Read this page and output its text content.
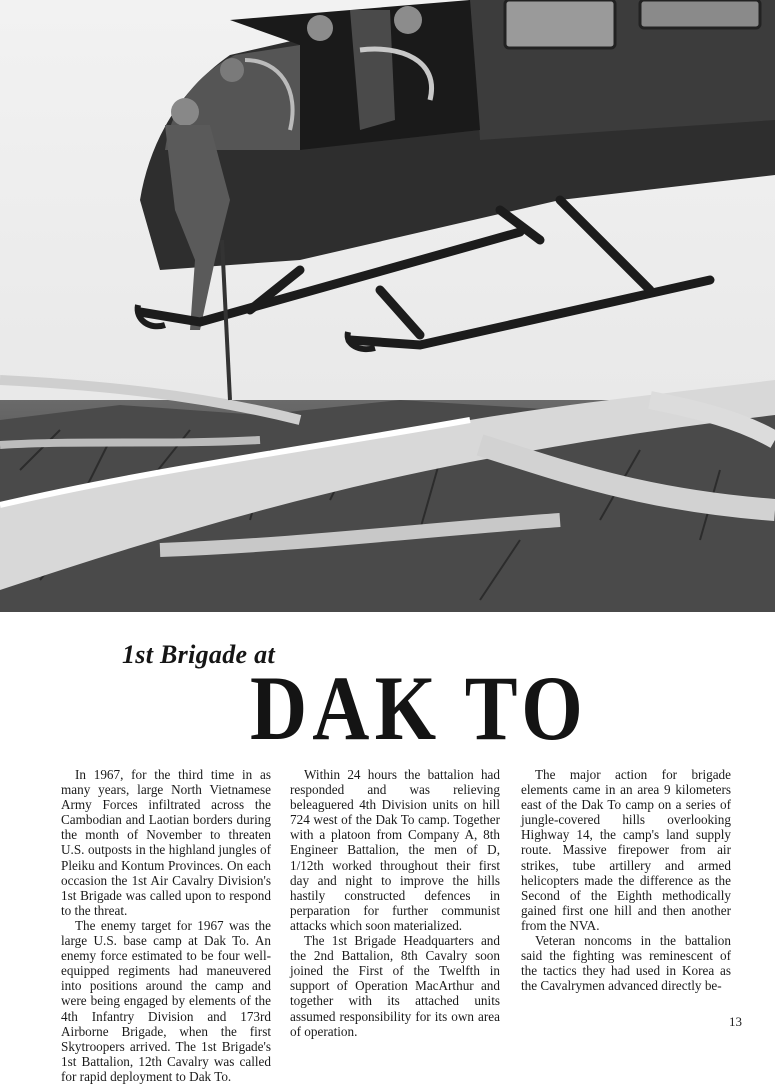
1st Brigade at
DAK TO

In 1967, for the third time in as many years, large North Vietnamese Army Forces infiltrated across the Cambodian and Laotian borders during the month of November to threaten U.S. outposts in the highland jungles of Pleiku and Kontum Provinces. On each occasion the 1st Air Cavalry Division's 1st Brigade was called upon to respond to the threat.

The enemy target for 1967 was the large U.S. base camp at Dak To. An enemy force estimated to be four well-equipped regiments had maneuvered into positions around the camp and were being engaged by elements of the 4th Infantry Division and 173rd Airborne Brigade, when the first Skytroopers arrived. The 1st Brigade's 1st Battalion, 12th Cavalry was called for rapid deployment to Dak To.

Within 24 hours the battalion had responded and was relieving beleaguered 4th Division units on hill 724 west of the Dak To camp. Together with a platoon from Company A, 8th Engineer Battalion, the men of D, 1/12th worked throughout their first day and night to improve the hills hastily constructed defences in perparation for further communist attacks which soon materialized.

The 1st Brigade Headquarters and the 2nd Battalion, 8th Cavalry soon joined the First of the Twelfth in support of Operation MacArthur and together with its attached units assumed responsibility for its own area of operation.

The major action for brigade elements came in an area 9 kilometers east of the Dak To camp on a series of jungle-covered hills overlooking Highway 14, the camp's land supply route. Massive firepower from air strikes, tube artillery and armed helicopters made the difference as the Second of the Eighth methodically gained first one hill and then another from the NVA.

Veteran noncoms in the battalion said the fighting was reminescent of the tactics they had used in Korea as the Cavalrymen advanced directly be-

13
